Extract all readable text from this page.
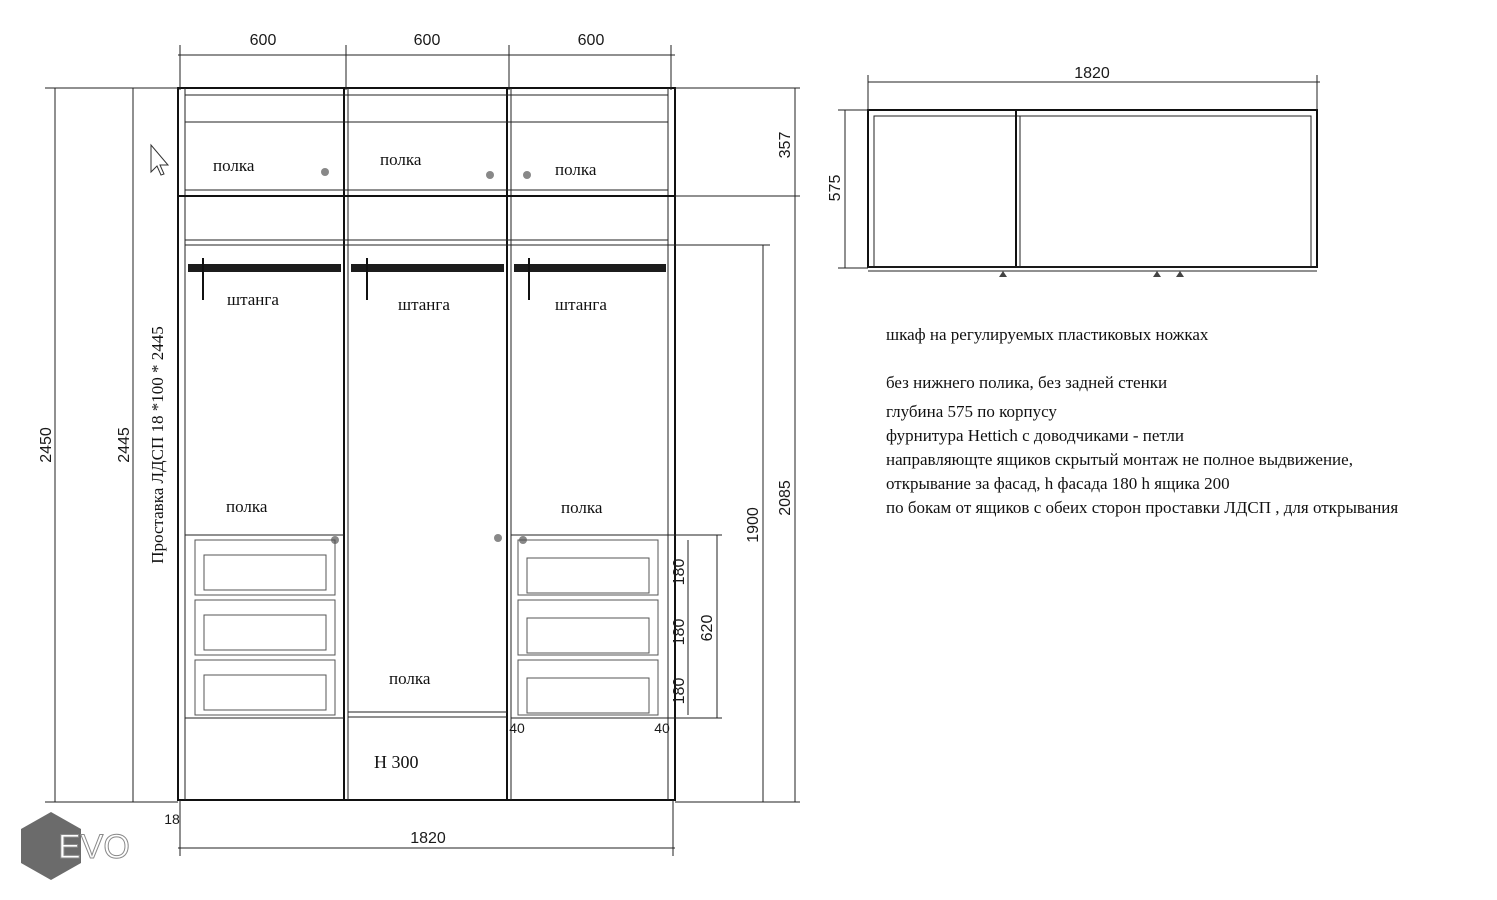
600	600	600
1820
18
2450	2445 Проставка ЛДСП 18 *100 * 2445
357
2085
1900
620
180
180
180
40	40
полка	полка
полка
штанга	штанга	штанга
полка	полка
полка
H 300
1820
575
EVO
шкаф на регулируемых пластиковых ножках
без нижнего полика, без задней стенки
глубина 575 по корпусу
фурнитура Hettich с доводчиками - петли
направляющте ящиков скрытый монтаж не полное выдвижение,
открывание за фасад, h фасада 180 h ящика 200
по бокам от ящиков с обеих сторон проставки ЛДСП , для открывания
